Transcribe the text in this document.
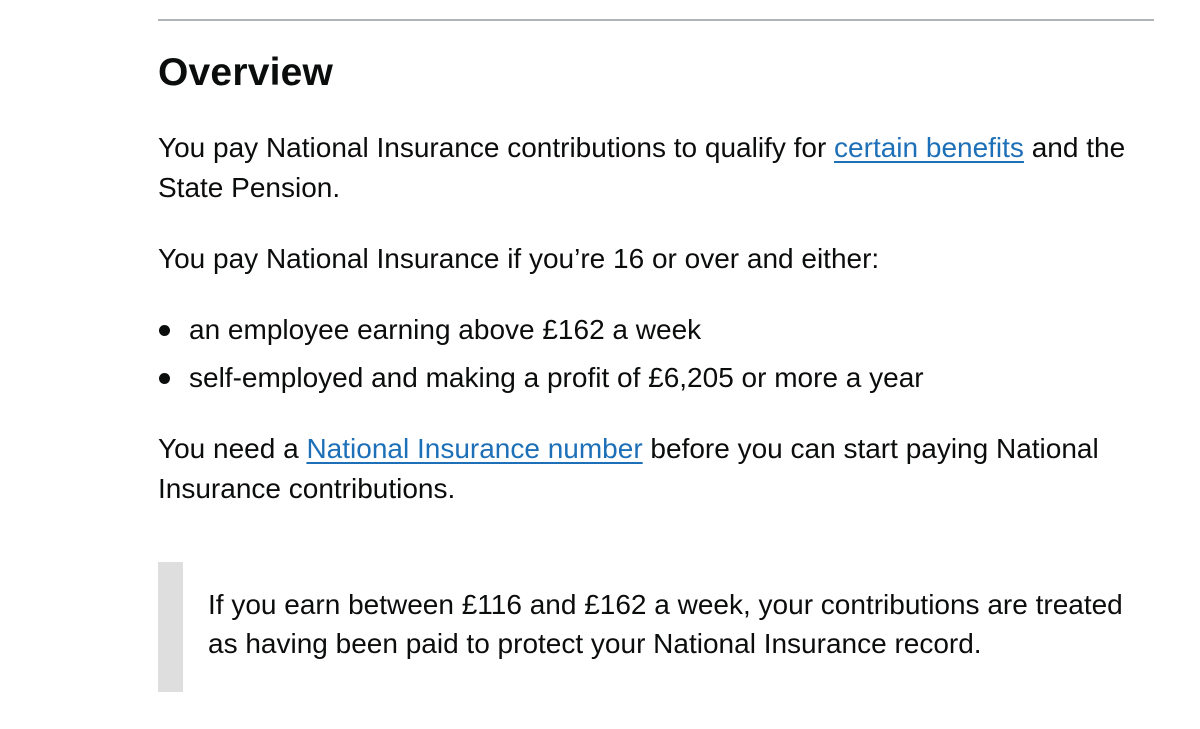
Overview

You pay National Insurance contributions to qualify for certain benefits and the State Pension.

You pay National Insurance if you’re 16 or over and either:

an employee earning above £162 a week
self-employed and making a profit of £6,205 or more a year

You need a National Insurance number before you can start paying National Insurance contributions.

If you earn between £116 and £162 a week, your contributions are treated as having been paid to protect your National Insurance record.
